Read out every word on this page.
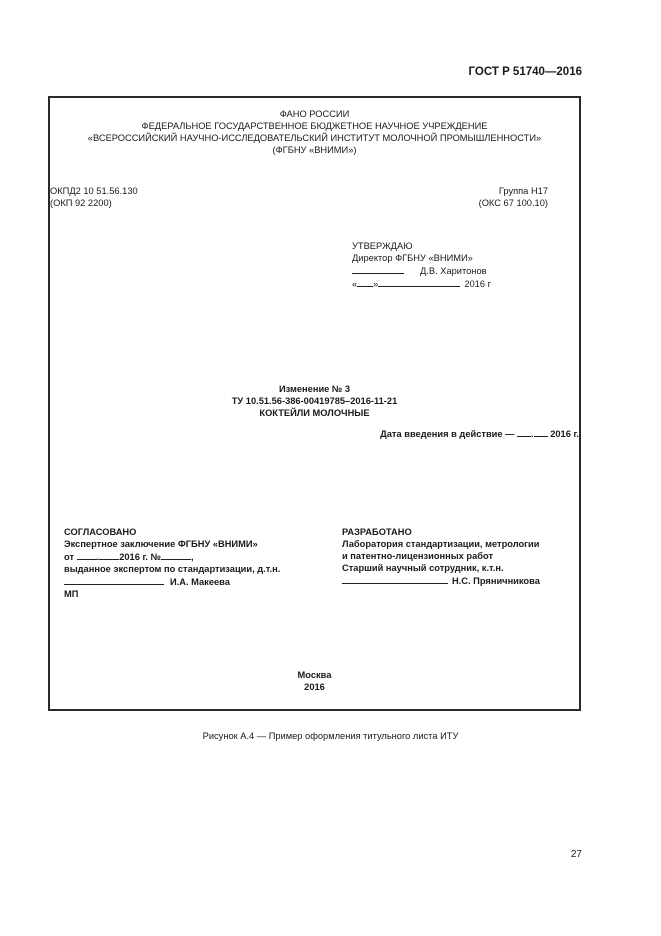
ГОСТ Р 51740—2016
ФАНО РОССИИ
ФЕДЕРАЛЬНОЕ ГОСУДАРСТВЕННОЕ БЮДЖЕТНОЕ НАУЧНОЕ УЧРЕЖДЕНИЕ
«ВСЕРОССИЙСКИЙ НАУЧНО-ИССЛЕДОВАТЕЛЬСКИЙ ИНСТИТУТ МОЛОЧНОЙ ПРОМЫШЛЕННОСТИ»
(ФГБНУ «ВНИМИ»)
ОКПД2 10 51.56.130
(ОКП 92 2200)
Группа Н17
(ОКС 67 100.10)
УТВЕРЖДАЮ
Директор ФГБНУ «ВНИМИ»
Д.В. Харитонов
« »	2016 г
Изменение № 3
ТУ 10.51.56-386-00419785–2016-11-21
КОКТЕЙЛИ МОЛОЧНЫЕ
Дата введения в действие — . 2016 г.
СОГЛАСОВАНО
Экспертное заключение ФГБНУ «ВНИМИ»
от . 2016 г. №	,
выданное экспертом по стандартизации, д.т.н.
И.А. Макеева
МП
РАЗРАБОТАНО
Лаборатория стандартизации, метрологии
и патентно-лицензионных работ
Старший научный сотрудник, к.т.н.
Н.С. Пряничникова
Москва
2016
Рисунок А.4 — Пример оформления титульного листа ИТУ
27
